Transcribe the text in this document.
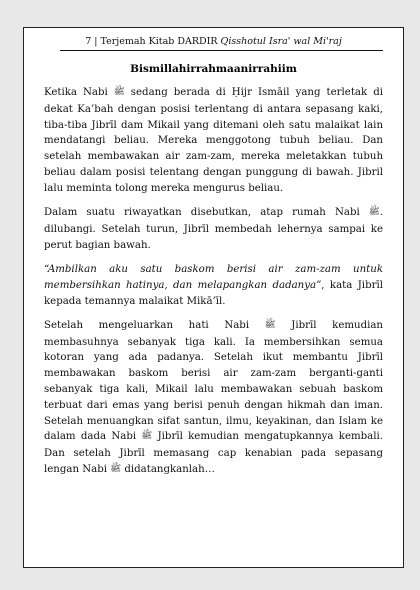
7 | Terjemah Kitab DARDIR Qisshotul Isra' wal Mi'raj
Bismillahirrahmaanirrahiim

Ketika Nabi ﷺ sedang berada di Ḥijr Ismāil yang terletak di dekat Ka’bah dengan posisi terlentang di antara sepasang kaki, tiba-tiba Jibrīl dam Mikail yang ditemani oleh satu malaikat lain mendatangi beliau. Mereka menggotong tubuh beliau. Dan setelah membawakan air zam-zam, mereka meletakkan tubuh beliau dalam posisi telentang dengan punggung di bawah. Jibril lalu meminta tolong mereka mengurus beliau.

Dalam suatu riwayatkan disebutkan, atap rumah Nabi ﷺ. dilubangi. Setelah turun, Jibrīl membedah lehernya sampai ke perut bagian bawah.

“Ambilkan aku satu baskom berisi air zam-zam untuk membersihkan hatinya, dan melapangkan dadanya”, kata Jibrīl kepada temannya malaikat Mikā’īl.

Setelah mengeluarkan hati Nabi ﷺ Jibrīl kemudian membasuhnya sebanyak tiga kali. Ia membersihkan semua kotoran yang ada padanya. Setelah ikut membantu Jibrīl membawakan baskom berisi air zam-zam berganti-ganti sebanyak tiga kali, Mikail lalu membawakan sebuah baskom terbuat dari emas yang berisi penuh dengan hikmah dan iman. Setelah menuangkan sifat santun, ilmu, keyakinan, dan Islam ke dalam dada Nabi ﷺ Jibrīl kemudian mengatupkannya kembali. Dan setelah Jibrīl memasang cap kenabian pada sepasang lengan Nabi ﷺ didatangkanlah…
